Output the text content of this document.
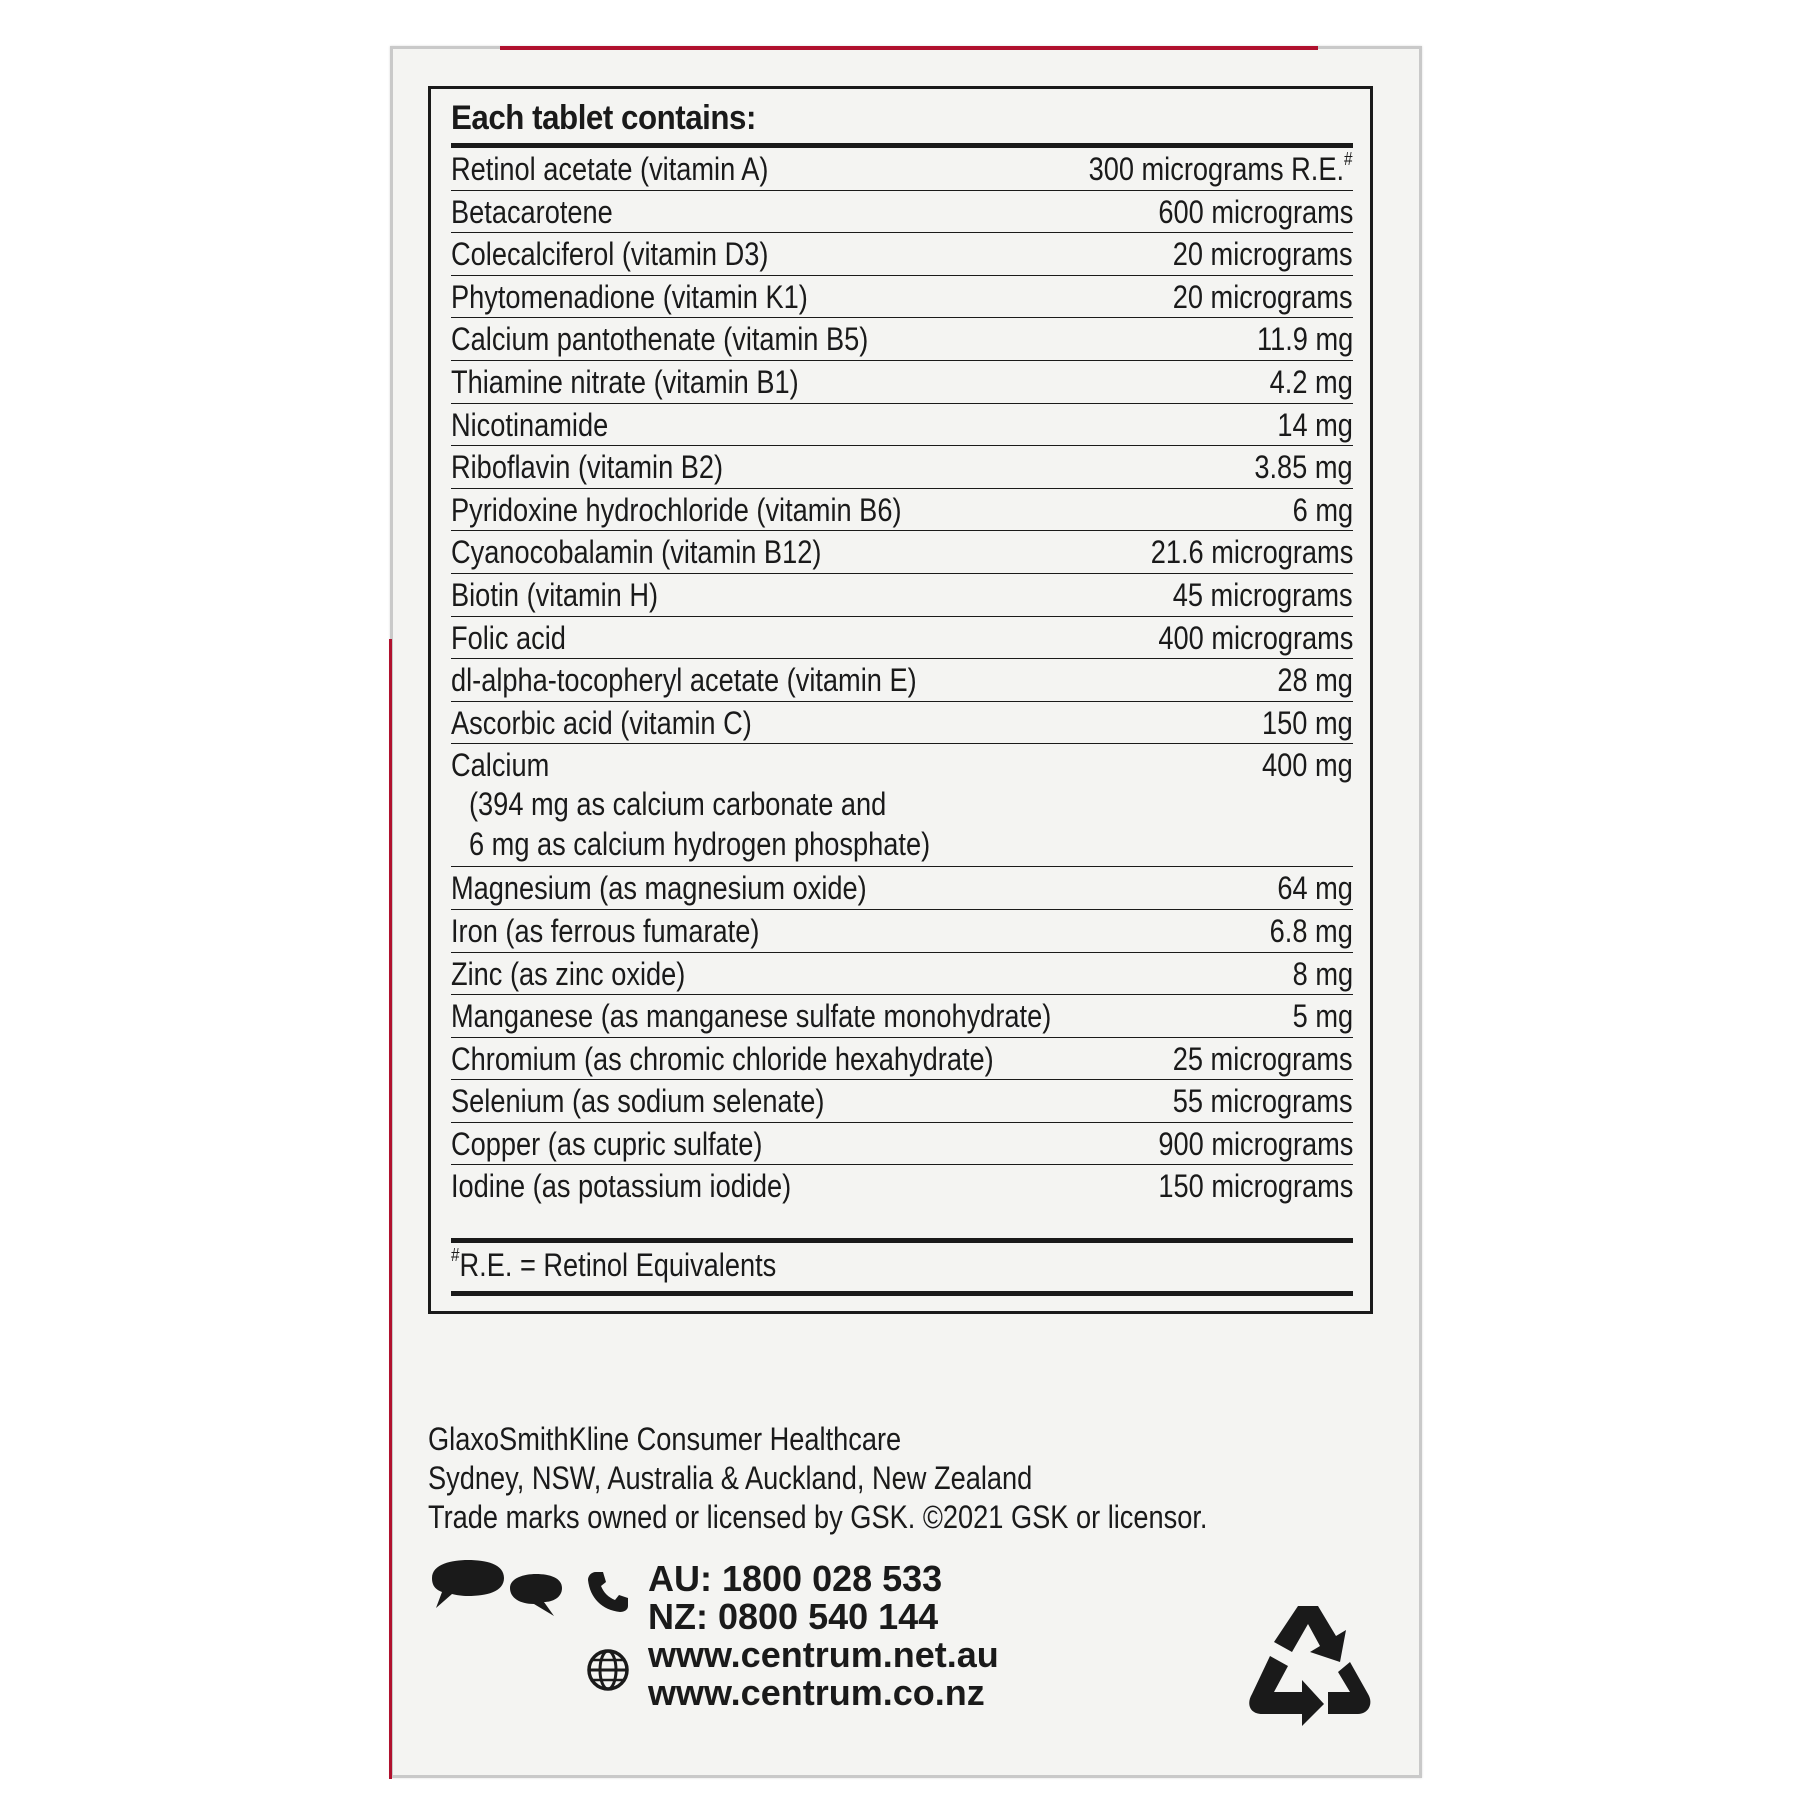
Each tablet contains:
Retinol acetate (vitamin A)	300 micrograms R.E.#
Betacarotene	600 micrograms
Colecalciferol (vitamin D3)	20 micrograms
Phytomenadione (vitamin K1)	20 micrograms
Calcium pantothenate (vitamin B5)	11.9 mg
Thiamine nitrate (vitamin B1)	4.2 mg
Nicotinamide	14 mg
Riboflavin (vitamin B2)	3.85 mg
Pyridoxine hydrochloride (vitamin B6)	6 mg
Cyanocobalamin (vitamin B12)	21.6 micrograms
Biotin (vitamin H)	45 micrograms
Folic acid	400 micrograms
dl-alpha-tocopheryl acetate (vitamin E)	28 mg
Ascorbic acid (vitamin C)	150 mg
Calcium	400 mg
(394 mg as calcium carbonate and
6 mg as calcium hydrogen phosphate)
Magnesium (as magnesium oxide)	64 mg
Iron (as ferrous fumarate)	6.8 mg
Zinc (as zinc oxide)	8 mg
Manganese (as manganese sulfate monohydrate)	5 mg
Chromium (as chromic chloride hexahydrate)	25 micrograms
Selenium (as sodium selenate)	55 micrograms
Copper (as cupric sulfate)	900 micrograms
Iodine (as potassium iodide)	150 micrograms
#R.E. = Retinol Equivalents
GlaxoSmithKline Consumer Healthcare
Sydney, NSW, Australia & Auckland, New Zealand
Trade marks owned or licensed by GSK. ©2021 GSK or licensor.
AU: 1800 028 533
NZ: 0800 540 144
www.centrum.net.au
www.centrum.co.nz
